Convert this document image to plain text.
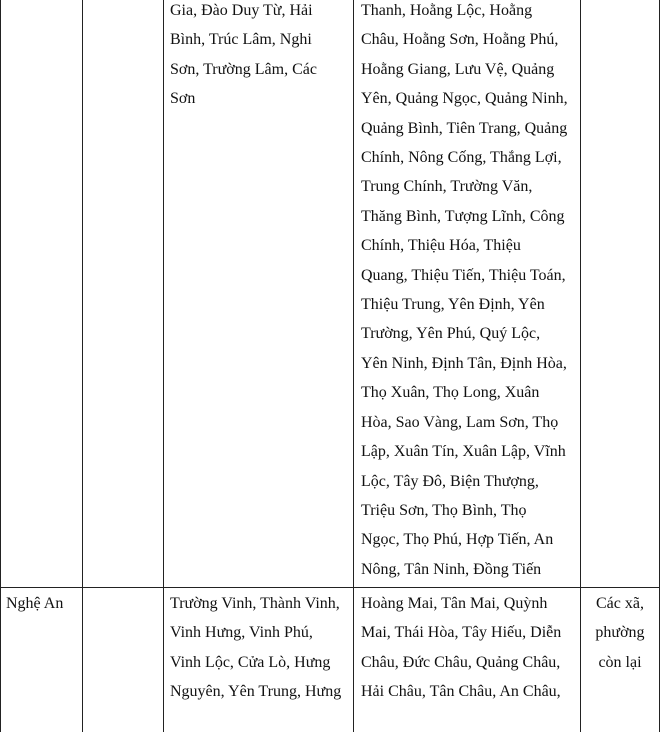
Gia, Đào Duy Từ, Hải
Bình, Trúc Lâm, Nghi
Sơn, Trường Lâm, Các
Sơn
Thanh, Hoằng Lộc, Hoằng
Châu, Hoằng Sơn, Hoằng Phú,
Hoằng Giang, Lưu Vệ, Quảng
Yên, Quảng Ngọc, Quảng Ninh,
Quảng Bình, Tiên Trang, Quảng
Chính, Nông Cống, Thắng Lợi,
Trung Chính, Trường Văn,
Thăng Bình, Tượng Lĩnh, Công
Chính, Thiệu Hóa, Thiệu
Quang, Thiệu Tiến, Thiệu Toán,
Thiệu Trung, Yên Định, Yên
Trường, Yên Phú, Quý Lộc,
Yên Ninh, Định Tân, Định Hòa,
Thọ Xuân, Thọ Long, Xuân
Hòa, Sao Vàng, Lam Sơn, Thọ
Lập, Xuân Tín, Xuân Lập, Vĩnh
Lộc, Tây Đô, Biện Thượng,
Triệu Sơn, Thọ Bình, Thọ
Ngọc, Thọ Phú, Hợp Tiến, An
Nông, Tân Ninh, Đồng Tiến
Nghệ An	Trường Vinh, Thành Vinh,
Vinh Hưng, Vinh Phú,
Vinh Lộc, Cửa Lò, Hưng
Nguyên, Yên Trung, Hưng
Hoàng Mai, Tân Mai, Quỳnh
Mai, Thái Hòa, Tây Hiếu, Diễn
Châu, Đức Châu, Quảng Châu,
Hải Châu, Tân Châu, An Châu,
Các xã,
phường
còn lại
